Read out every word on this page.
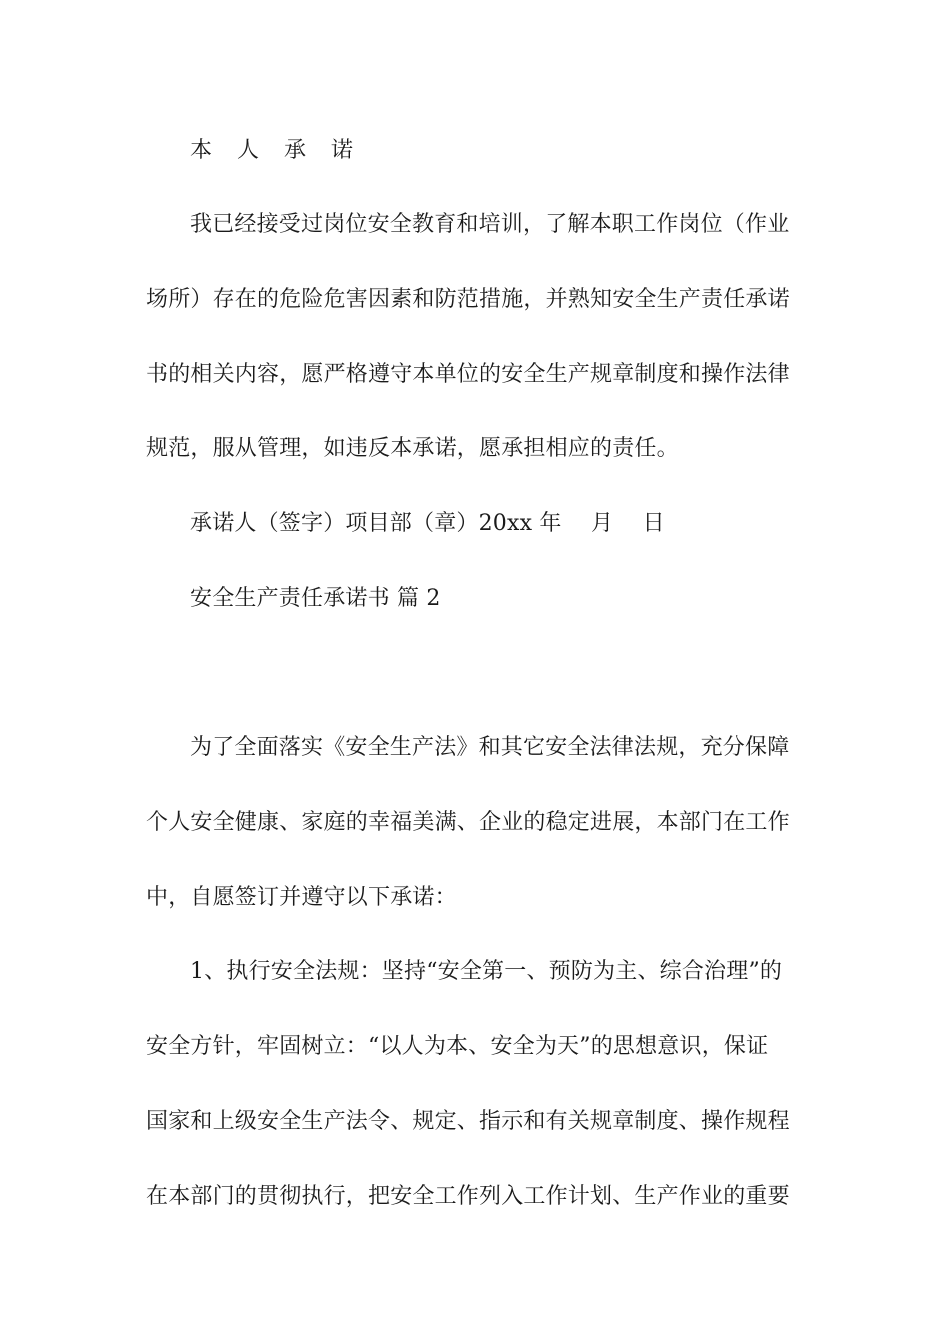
本 人 承 诺
我已经接受过岗位安全教育和培训，了解本职工作岗位（作业
场所）存在的危险危害因素和防范措施，并熟知安全生产责任承诺
书的相关内容，愿严格遵守本单位的安全生产规章制度和操作法律
规范，服从管理，如违反本承诺，愿承担相应的责任。
承诺人（签字）项目部（章）20xx 年　 月　 日
安全生产责任承诺书 篇 2
为了全面落实《安全生产法》和其它安全法律法规，充分保障
个人安全健康、家庭的幸福美满、企业的稳定进展，本部门在工作
中，自愿签订并遵守以下承诺：
1、执行安全法规：坚持“安全第一、预防为主、综合治理”的
安全方针，牢固树立：“以人为本、安全为天”的思想意识，保证
国家和上级安全生产法令、规定、指示和有关规章制度、操作规程
在本部门的贯彻执行，把安全工作列入工作计划、生产作业的重要
